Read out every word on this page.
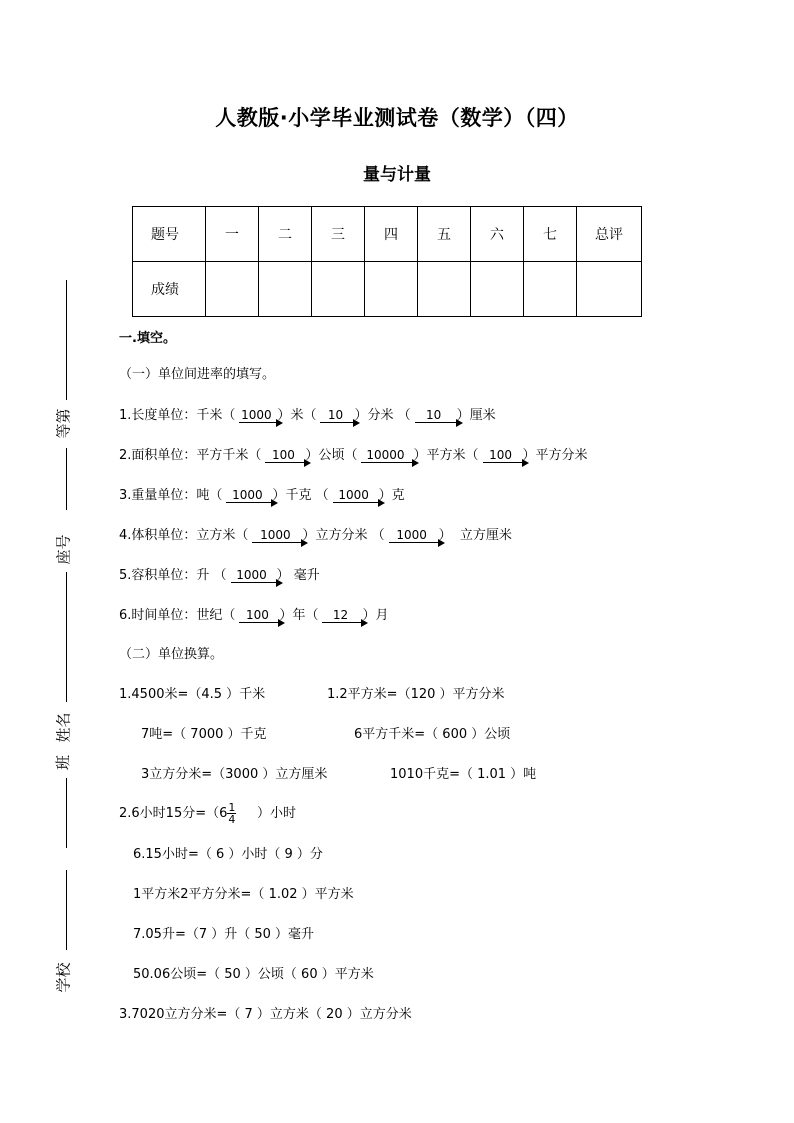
等第
座号
姓名
班
学校
人教版·小学毕业测试卷（数学）（四）
量与计量
题号	一	二	三	四	五	六	七	总评
成绩								
一.填空。
（一）单位间进率的填写。
1.长度单位：千米（ 1000 ）米（ 10 ）分米 （ 10 ）厘米
2.面积单位：平方千米（ 100 ）公顷（ 10000 ）平方米（ 100 ）平方分米
3.重量单位：吨（ 1000 ）千克 （ 1000 ）克
4.体积单位：立方米（ 1000 ）立方分米 （ 1000 ）  立方厘米
5.容积单位：升 （ 1000 ） 毫升
6.时间单位：世纪（ 100 ）年（ 12 ）月
（二）单位换算。
1.4500米=（4.5 ）千米	1.2平方米=（120 ）平方分米
7吨=（ 7000 ）千克	6平方千米=（ 600 ）公顷
3立方分米=（3000 ）立方厘米	1010千克=（ 1.01 ）吨
2.6小时15分$=(6 \frac{1}{4}$ ）小时
6.15小时=（ 6 ）小时（ 9 ）分
1平方米2平方分米=（ 1.02 ）平方米
7.05升=（7 ）升（ 50 ）毫升
50.06公顷=（ 50 ）公顷（ 60 ）平方米
3.7020立方分米=（ 7 ）立方米（ 20 ）立方分米
